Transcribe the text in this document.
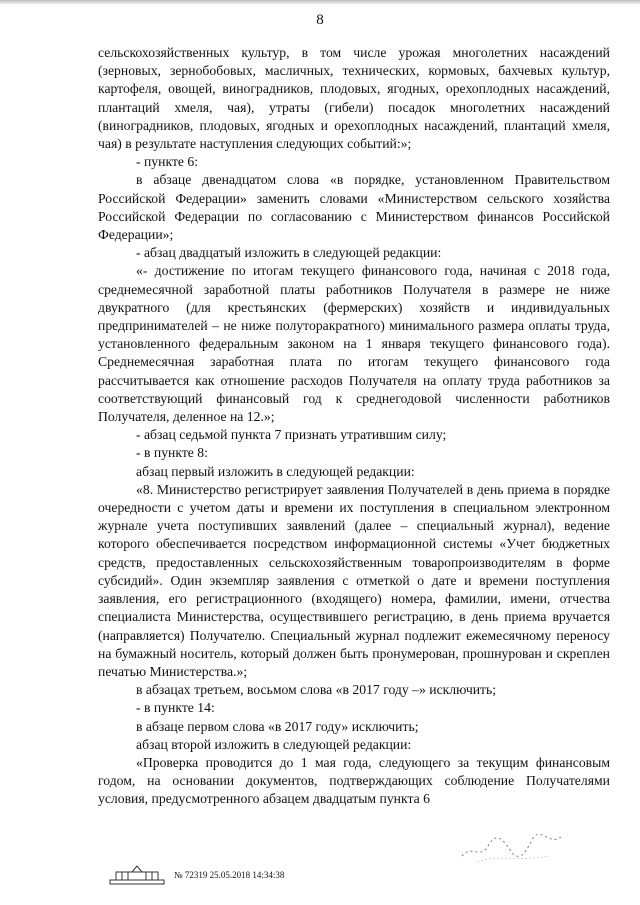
8

сельскохозяйственных культур, в том числе урожая многолетних насаждений (зерновых, зернобобовых, масличных, технических, кормовых, бахчевых культур, картофеля, овощей, виноградников, плодовых, ягодных, орехоплодных насаждений, плантаций хмеля, чая), утраты (гибели) посадок многолетних насаждений (виноградников, плодовых, ягодных и орехоплодных насаждений, плантаций хмеля, чая) в результате наступления следующих событий:»;

- пункте 6:

в абзаце двенадцатом слова «в порядке, установленном Правительством Российской Федерации» заменить словами «Министерством сельского хозяйства Российской Федерации по согласованию с Министерством финансов Российской Федерации»;

- абзац двадцатый изложить в следующей редакции:

«- достижение по итогам текущего финансового года, начиная с 2018 года, среднемесячной заработной платы работников Получателя в размере не ниже двукратного (для крестьянских (фермерских) хозяйств и индивидуальных предпринимателей – не ниже полуторакратного) минимального размера оплаты труда, установленного федеральным законом на 1 января текущего финансового года). Среднемесячная заработная плата по итогам текущего финансового года рассчитывается как отношение расходов Получателя на оплату труда работников за соответствующий финансовый год к среднегодовой численности работников Получателя, деленное на 12.»;

- абзац седьмой пункта 7 признать утратившим силу;

- в пункте 8:

абзац первый изложить в следующей редакции:

«8. Министерство регистрирует заявления Получателей в день приема в порядке очередности с учетом даты и времени их поступления в специальном электронном журнале учета поступивших заявлений (далее – специальный журнал), ведение которого обеспечивается посредством информационной системы «Учет бюджетных средств, предоставленных сельскохозяйственным товаропроизводителям в форме субсидий». Один экземпляр заявления с отметкой о дате и времени поступления заявления, его регистрационного (входящего) номера, фамилии, имени, отчества специалиста Министерства, осуществившего регистрацию, в день приема вручается (направляется) Получателю. Специальный журнал подлежит ежемесячному переносу на бумажный носитель, который должен быть пронумерован, прошнурован и скреплен печатью Министерства.»;

в абзацах третьем, восьмом слова «в 2017 году –» исключить;

- в пункте 14:

в абзаце первом слова «в 2017 году» исключить;

абзац второй изложить в следующей редакции:

«Проверка проводится до 1 мая года, следующего за текущим финансовым годом, на основании документов, подтверждающих соблюдение Получателями условия, предусмотренного абзацем двадцатым пункта 6

№ 72319 25.05.2018 14:34:38
